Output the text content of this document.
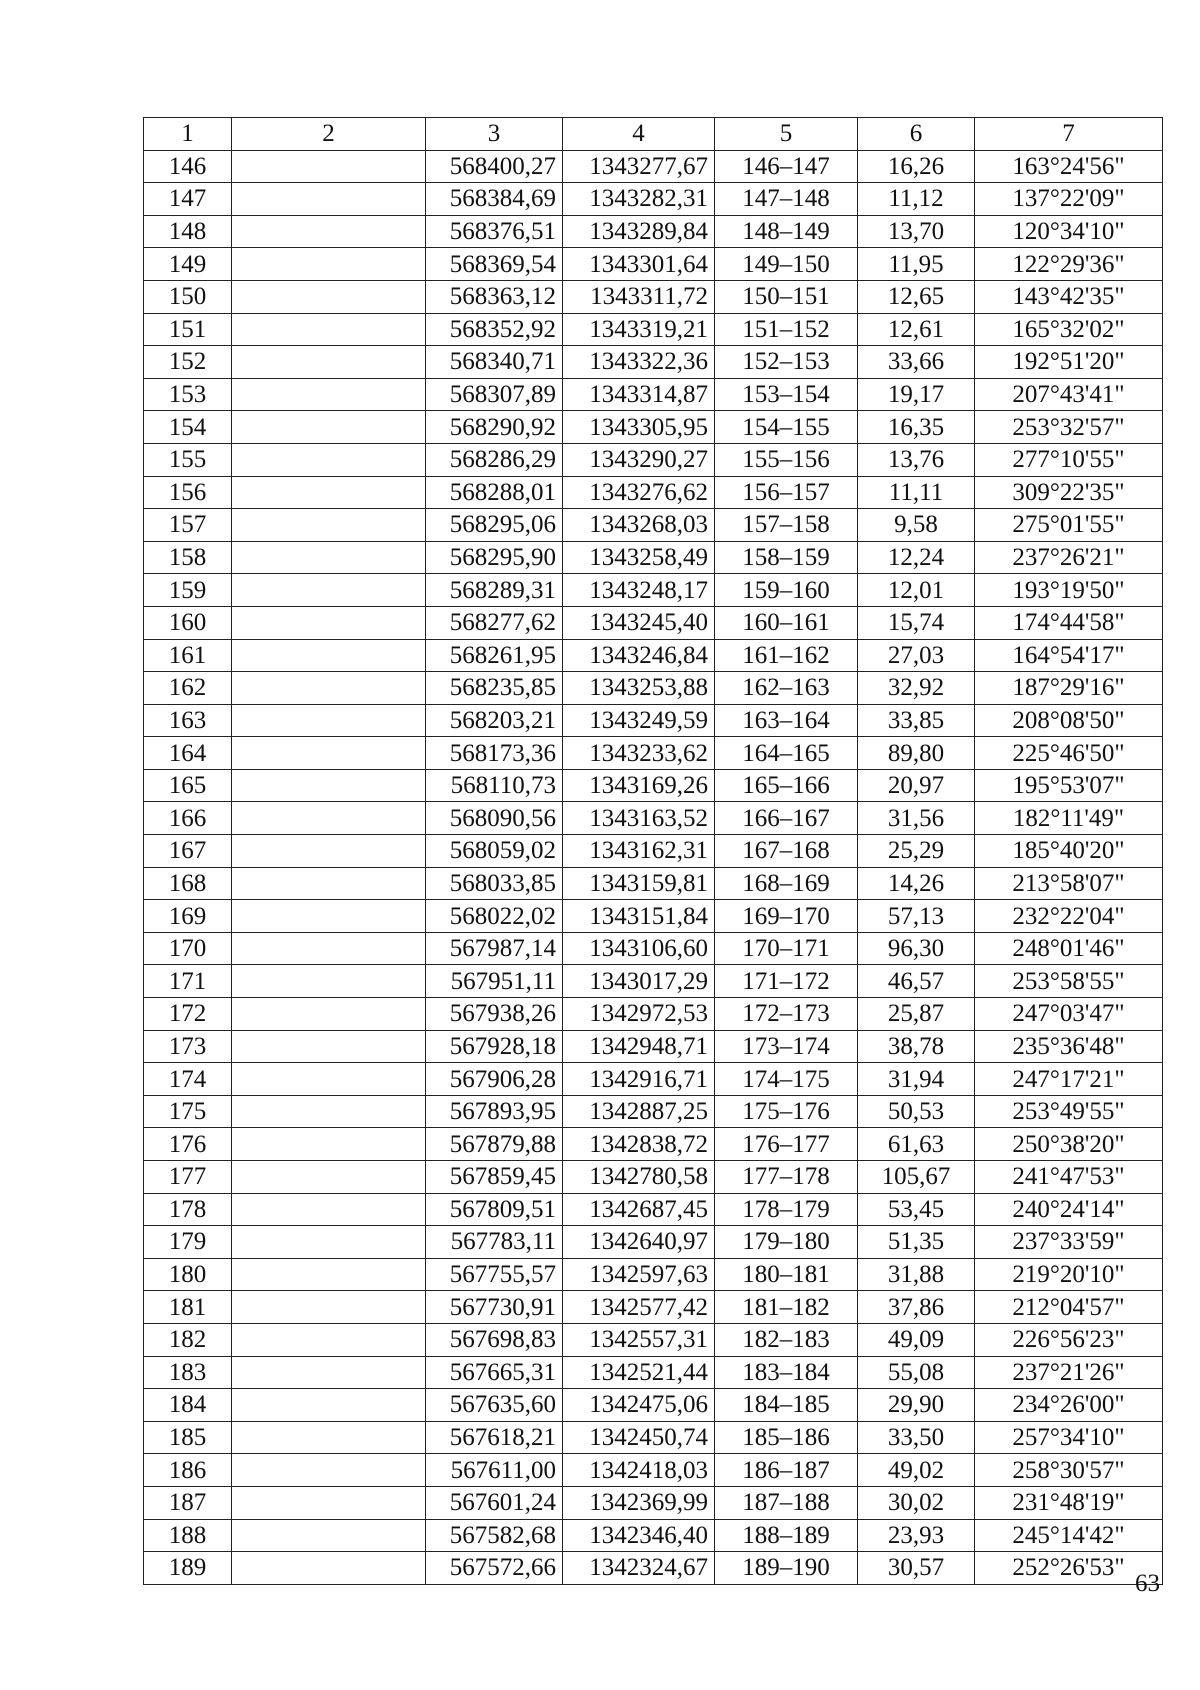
1	2	3	4	5	6	7
146		568400,27	1343277,67	146–147	16,26	163°24'56"
147		568384,69	1343282,31	147–148	11,12	137°22'09"
148		568376,51	1343289,84	148–149	13,70	120°34'10"
149		568369,54	1343301,64	149–150	11,95	122°29'36"
150		568363,12	1343311,72	150–151	12,65	143°42'35"
151		568352,92	1343319,21	151–152	12,61	165°32'02"
152		568340,71	1343322,36	152–153	33,66	192°51'20"
153		568307,89	1343314,87	153–154	19,17	207°43'41"
154		568290,92	1343305,95	154–155	16,35	253°32'57"
155		568286,29	1343290,27	155–156	13,76	277°10'55"
156		568288,01	1343276,62	156–157	11,11	309°22'35"
157		568295,06	1343268,03	157–158	9,58	275°01'55"
158		568295,90	1343258,49	158–159	12,24	237°26'21"
159		568289,31	1343248,17	159–160	12,01	193°19'50"
160		568277,62	1343245,40	160–161	15,74	174°44'58"
161		568261,95	1343246,84	161–162	27,03	164°54'17"
162		568235,85	1343253,88	162–163	32,92	187°29'16"
163		568203,21	1343249,59	163–164	33,85	208°08'50"
164		568173,36	1343233,62	164–165	89,80	225°46'50"
165		568110,73	1343169,26	165–166	20,97	195°53'07"
166		568090,56	1343163,52	166–167	31,56	182°11'49"
167		568059,02	1343162,31	167–168	25,29	185°40'20"
168		568033,85	1343159,81	168–169	14,26	213°58'07"
169		568022,02	1343151,84	169–170	57,13	232°22'04"
170		567987,14	1343106,60	170–171	96,30	248°01'46"
171		567951,11	1343017,29	171–172	46,57	253°58'55"
172		567938,26	1342972,53	172–173	25,87	247°03'47"
173		567928,18	1342948,71	173–174	38,78	235°36'48"
174		567906,28	1342916,71	174–175	31,94	247°17'21"
175		567893,95	1342887,25	175–176	50,53	253°49'55"
176		567879,88	1342838,72	176–177	61,63	250°38'20"
177		567859,45	1342780,58	177–178	105,67	241°47'53"
178		567809,51	1342687,45	178–179	53,45	240°24'14"
179		567783,11	1342640,97	179–180	51,35	237°33'59"
180		567755,57	1342597,63	180–181	31,88	219°20'10"
181		567730,91	1342577,42	181–182	37,86	212°04'57"
182		567698,83	1342557,31	182–183	49,09	226°56'23"
183		567665,31	1342521,44	183–184	55,08	237°21'26"
184		567635,60	1342475,06	184–185	29,90	234°26'00"
185		567618,21	1342450,74	185–186	33,50	257°34'10"
186		567611,00	1342418,03	186–187	49,02	258°30'57"
187		567601,24	1342369,99	187–188	30,02	231°48'19"
188		567582,68	1342346,40	188–189	23,93	245°14'42"
189		567572,66	1342324,67	189–190	30,57	252°26'53"
63
